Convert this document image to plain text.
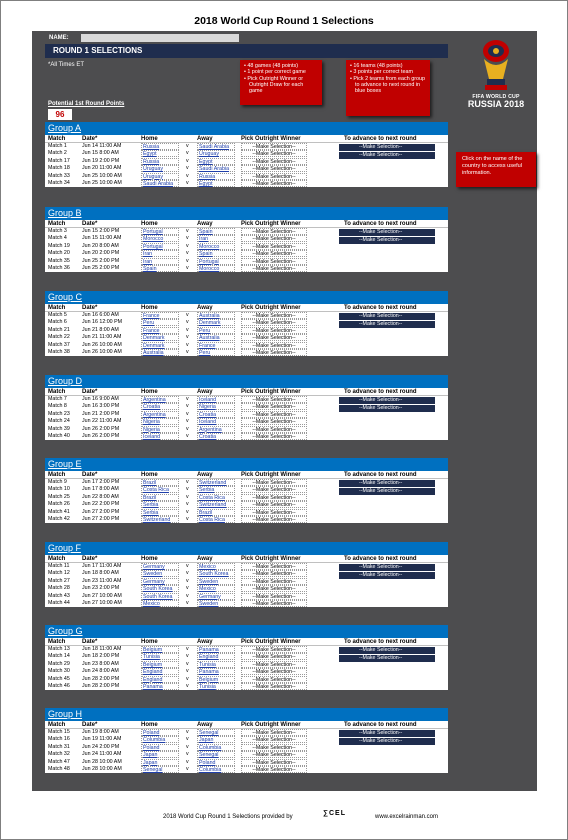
2018 World Cup Round 1 Selections
NAME:
ROUND 1 SELECTIONS
*All Times ET
Potential 1st Round Points
96
• 48 games (48 points)
• 1 point per correct game
• Pick Outright Winner or Outright Draw for each game
• 16 teams (48 points)
• 3 points per correct team
• Pick 2 teams from each group to advance to next round in blue boxes
Click on the name of the country to access useful information.
FIFA WORLD CUP
RUSSIA 2018
Group A
Match	Date*	Home	Away	To advance to next round
Pick Outright Winner
Match 1	Jun 14 11:00 AM	Russia	v	Saudi Arabia	--Make Selection--
Match 2	Jun 15 8:00 AM	Egypt	v	Uruguay	--Make Selection--
Match 17 Jun 19 2:00 PM	Russia	v	Egypt	--Make Selection--
Match 18 Jun 20 11:00 AM	Uruguay	v	Saudi Arabia	--Make Selection--
Match 33 Jun 25 10:00 AM	Uruguay	v	Russia	--Make Selection--
Match 34 Jun 25 10:00 AM	Saudi Arabia	v	Egypt	--Make Selection--
--Make Selection--
--Make Selection--
Group B
Match	Date*	Home	Away	To advance to next round
Pick Outright Winner
Match 3	Jun 15 2:00 PM	Portugal	v	Spain	--Make Selection--
Match 4	Jun 15 11:00 AM	Morocco	v	Iran	--Make Selection--
Match 19 Jun 20 8:00 AM	Portugal	v	Morocco	--Make Selection--
Match 20 Jun 20 2:00 PM	Iran	v	Spain	--Make Selection--
Match 35 Jun 25 2:00 PM	Iran	v	Portugal	--Make Selection--
Match 36 Jun 25 2:00 PM	Spain	v	Morocco	--Make Selection--
--Make Selection--
--Make Selection--
Group C
Match	Date*	Home	Away	To advance to next round
Pick Outright Winner
Match 5	Jun 16 6:00 AM	France	v	Australia	--Make Selection--
Match 6	Jun 16 12:00 PM	Peru	v	Denmark	--Make Selection--
Match 21 Jun 21 8:00 AM	France	v	Peru	--Make Selection--
Match 22 Jun 21 11:00 AM	Denmark	v	Australia	--Make Selection--
Match 37 Jun 26 10:00 AM	Denmark	v	France	--Make Selection--
Match 38 Jun 26 10:00 AM	Australia	v	Peru	--Make Selection--
--Make Selection--
--Make Selection--
Group D
Match	Date*	Home	Away	To advance to next round
Pick Outright Winner
Match 7	Jun 16 9:00 AM	Argentina	v	Iceland	--Make Selection--
Match 8	Jun 16 3:00 PM	Croatia	v	Nigeria	--Make Selection--
Match 23 Jun 21 2:00 PM	Argentina	v	Croatia	--Make Selection--
Match 24 Jun 22 11:00 AM	Nigeria	v	Iceland	--Make Selection--
Match 39 Jun 26 2:00 PM	Nigeria	v	Argentina	--Make Selection--
Match 40 Jun 26 2:00 PM	Iceland	v	Croatia	--Make Selection--
--Make Selection--
--Make Selection--
Group E
Match	Date*	Home	Away	To advance to next round
Pick Outright Winner
Match 9	Jun 17 2:00 PM	Brazil	v	Switzerland	--Make Selection--
Match 10 Jun 17 8:00 AM	Costa Rica	v	Serbia	--Make Selection--
Match 25 Jun 22 8:00 AM	Brazil	v	Costa Rica	--Make Selection--
Match 26 Jun 22 2:00 PM	Serbia	v	Switzerland	--Make Selection--
Match 41 Jun 27 2:00 PM	Serbia	v	Brazil	--Make Selection--
Match 42 Jun 27 2:00 PM	Switzerland	v	Costa Rica	--Make Selection--
--Make Selection--
--Make Selection--
Group F
Match	Date*	Home	Away	To advance to next round
Pick Outright Winner
Match 11 Jun 17 11:00 AM	Germany	v	Mexico	--Make Selection--
Match 12 Jun 18 8:00 AM	Sweden	v	South Korea	--Make Selection--
Match 27 Jun 23 11:00 AM	Germany	v	Sweden	--Make Selection--
Match 28 Jun 23 2:00 PM	South Korea	v	Mexico	--Make Selection--
Match 43 Jun 27 10:00 AM	South Korea	v	Germany	--Make Selection--
Match 44 Jun 27 10:00 AM	Mexico	v	Sweden	--Make Selection--
--Make Selection--
--Make Selection--
Group G
Match	Date*	Home	Away	To advance to next round
Pick Outright Winner
Match 13 Jun 18 11:00 AM	Belgium	v	Panama	--Make Selection--
Match 14 Jun 18 2:00 PM	Tunisia	v	England	--Make Selection--
Match 29 Jun 23 8:00 AM	Belgium	v	Tunisia	--Make Selection--
Match 30 Jun 24 8:00 AM	England	v	Panama	--Make Selection--
Match 45 Jun 28 2:00 PM	England	v	Belgium	--Make Selection--
Match 46 Jun 28 2:00 PM	Panama	v	Tunisia	--Make Selection--
--Make Selection--
--Make Selection--
Group H
Match	Date*	Home	Away	To advance to next round
Pick Outright Winner
Match 15 Jun 19 8:00 AM	Poland	v	Senegal	--Make Selection--
Match 16 Jun 19 11:00 AM	Columbia	v	Japan	--Make Selection--
Match 31 Jun 24 2:00 PM	Poland	v	Columbia	--Make Selection--
Match 32 Jun 24 11:00 AM	Japan	v	Senegal	--Make Selection--
Match 47 Jun 28 10:00 AM	Japan	v	Poland	--Make Selection--
Match 48 Jun 28 10:00 AM	Senegal	v	Columbia	--Make Selection--
--Make Selection--
--Make Selection--
2018 World Cup Round 1 Selections provided by	∑CEL	www.excelrainman.com
